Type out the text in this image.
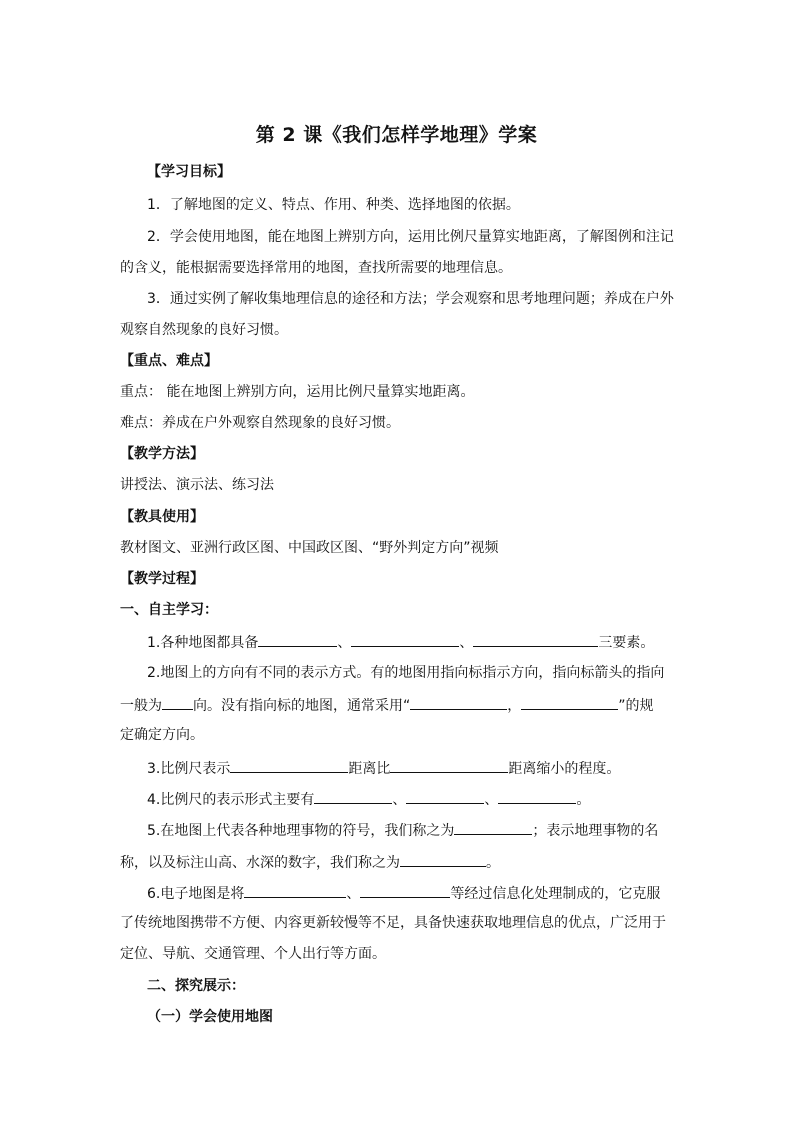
第 2 课《我们怎样学地理》学案
【学习目标】
1．了解地图的定义、特点、作用、种类、选择地图的依据。
2．学会使用地图，能在地图上辨别方向，运用比例尺量算实地距离，了解图例和注记
的含义，能根据需要选择常用的地图，查找所需要的地理信息。
3．通过实例了解收集地理信息的途径和方法；学会观察和思考地理问题；养成在户外
观察自然现象的良好习惯。
【重点、难点】
重点： 能在地图上辨别方向，运用比例尺量算实地距离。
难点：养成在户外观察自然现象的良好习惯。
【教学方法】
讲授法、演示法、练习法
【教具使用】
教材图文、亚洲行政区图、中国政区图、“野外判定方向”视频
【教学过程】
一、自主学习：
1.各种地图都具备	、	、	三要素。
2.地图上的方向有不同的表示方式。有的地图用指向标指示方向，指向标箭头的指向
一般为 向。没有指向标的地图，通常采用“	，	”的规
定确定方向。
3.比例尺表示	距离比	距离缩小的程度。
4.比例尺的表示形式主要有	、	、	。
5.在地图上代表各种地理事物的符号，我们称之为	；表示地理事物的名
称，以及标注山高、水深的数字，我们称之为	。
6.电子地图是将	、	等经过信息化处理制成的，它克服
了传统地图携带不方便、内容更新较慢等不足，具备快速获取地理信息的优点，广泛用于
定位、导航、交通管理、个人出行等方面。
二、探究展示：
（一）学会使用地图
